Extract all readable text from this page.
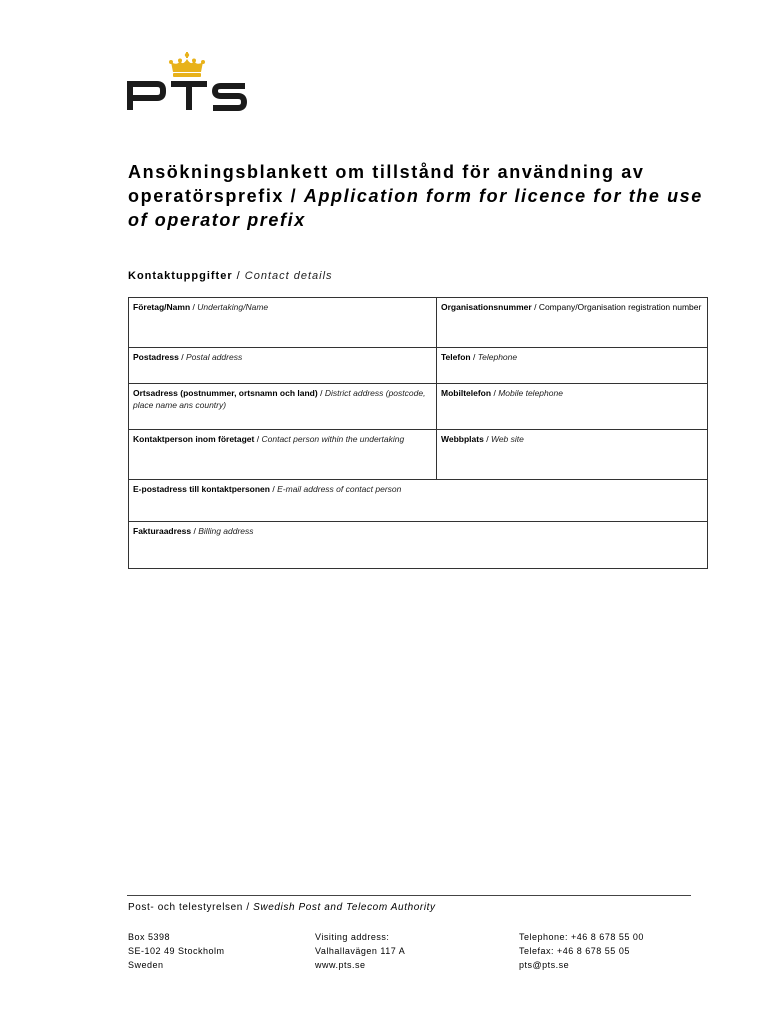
Ansökningsblankett om tillstånd för användning av operatörsprefix / Application form for licence for the use of operator prefix
Kontaktuppgifter / Contact details
Företag/Namn / Undertaking/Name	Organisationsnummer / Company/Organisation registration number
Postadress / Postal address	Telefon / Telephone
Ortsadress (postnummer, ortsnamn och land) / District address (postcode, place name ans country)	Mobiltelefon / Mobile telephone
Kontaktperson inom företaget / Contact person within the undertaking	Webbplats / Web site
E-postadress till kontaktpersonen / E-mail address of contact person	
Fakturaadress / Billing address	
Post- och telestyrelsen / Swedish Post and Telecom Authority
Box 5398
SE-102 49 Stockholm
Sweden
Visiting address:
Valhallavägen 117 A
www.pts.se
Telephone: +46 8 678 55 00
Telefax: +46 8 678 55 05
pts@pts.se
